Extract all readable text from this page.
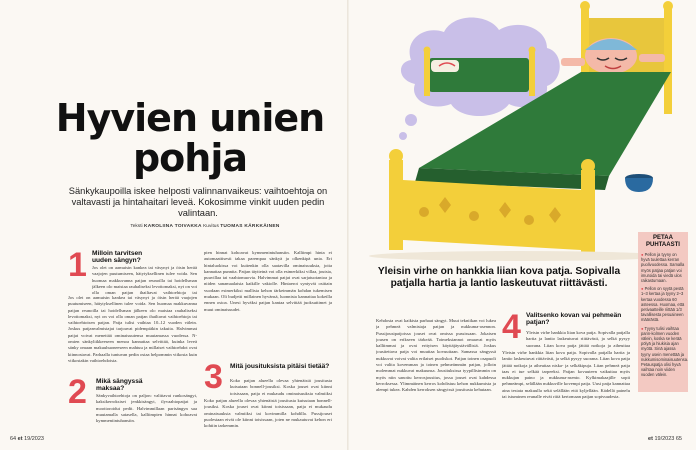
Hyvien unien pohja

Sänkykaupoilla iskee helposti valinnanvaikeus: vaihtoehtoja on valtavasti ja hintahaitari leveä. Kokosimme vinkit uuden pedin valintaan.

Teksti KAROLIINA TOIVAKKA Kuvitus TUOMAS KÄRKKÄINEN

1 Milloin tarvitsen uuden sängyn?

Jos olet on aamuisin kankea tai väsynyt ja öisin herää vaajojen puutumiseen, hätytyksellinen tulee voida. Sen huomaa makkuvanna patjan reunoilla tai hoidellsman jälkeen olo maistaa rauhaliseksi levottomaksi, nyt on voi olla oman patjan ihailtavat vaihtoehtoja tai

Jos olet on aamuisin kankea tai väsynyt ja öisin herää vaajojen puutumiseen, hätytyksellinen tulee voida. Sen huomaa makkuvanna patjan reunoilla tai hoidellsman jälkeen olo maistaa rauhaliseksi levottomaksi, nyt on voi olla oman patjan ihailtavat vaihtoehtoja tai vaihtoehtoisen patjan. Patja tulisi vaihtaa 10–12 vuoden välein. Joskus patjanvalmistajat tarjoavat pidempiäkin takuita. Halvimmat patjat voivat menettää ominaisuutensa muutamassa vuodessa. N-omien sänkyliikkeeseen menoa kannattaa selvittää, kuinka leveä sänky omaan makuuhuoneeseen mahtuu ja millaiset vaihtoehdot ovat kiinnostavat. Parhaalla tuntuvan pedin ostaa helpommin viikosta kuin viikostakin vaihtoehdoista.

2 Mikä sängyssä maksaa?

Sänkyvaihtoehtoja on paljon: valittavat runkosängyt, kaksikerroksiset jenkkisängyt, ilyvaahtopatjat ja moottoroidut pedit. Halvimmillaan parisängyn saa muutamalla satasella, kalliimpien hinnat kohoavat kymmeniintuhansiin.

pien hinnat kohoavat kymmenintuhansiin. Kalliimpi hinta ei automaattisesti takaa parempaa sänkyä ja olkenkipä unia. Eri hintaluokissa voi kuitenkin olla saatavilla ominaisuuksia, joita kannattaa punnita. Patjan täytteinä voi olla esimerkiksi villaa, joutsia, puuvillaa tai vaahtomuovia. Halvimmat patjat ovat sarjatuotantoa ja niiden sanamaalaisia kaikille vakiolle. Hintaerot syntyvät osittain vuodaan esimerkiksi mallista kehon tärkeimmän kohdan tukemisen mukaan. Oli budjetti millainen hyvänsä, luonnista kannattaa kokeilla ennen ostoa. Unesi hyväksi patjan kantaa selvittää juoksuttimet ja muut ominaisuudet.

3 Mitä jousituksista pitäisi tietää?

Koko patjan alueella olevaa yhtenäistä jousitusta kutsutaan bonnell-jousiksi. Koska jouset ovat kiinni toisissaan, patja ei mukaudu ominaisuuksia valmiiksi

Koko patjan alueella olevaa yhtenäistä jousitusta kutsutaan bonnell-jousiksi. Koska jouset ovat kiinni toisissaan, patja ei mukaudu ominaisuuksia valmiiksi tai kovimmilla kohdilla. Pussijouset puolestaan eivät ole kiinni toisissaan, joten ne mukautuvat kehon eri kohtiin tarkemmin.

64 et 19/2023

Yleisin virhe on hankkia liian kova patja. Sopivalla patjalla hartia ja lantio laskeutuvat riittävästi.

Kehdosta ovat kaikista parhaat sängyt. Muut tekniikan voi lukea ja pehmeä valmistaja patjan ja nukkuma-asennon. Pussijousipatjoissa jouset ovat omissa pussissaan. Jokaisen jousen on erikseen tärkeää. Toimeksiannot omaavat myös kalliimmat ja ovat erityisen käyttäjäystävällisiä. Joskus jousitettava patja voi muuttaa kovuuttaan. Samassa sängyssä nukkuvat voivat valita erilaiset puoliskot. Patjan toinen osapuoli voi valita kovemman ja toinen pehmeämmän patjan, jolloin molemmat nukkuvat makuunsa. Jousituksissa tyypillisimmin on myös niin sanottu kerrosjousitus, jossa jouset ovat kahdessa kerroksessa. Ylimmäinen kerros kohdistuu kehon nukkumista ja alempi tukea. Kahden kerroksen sängyissä jousitusta kehutaan.

4 Valitsenko kovan vai pehmeän patjan?

Yleisin virhe hankkia liian kova patja. Sopivalla patjalla hartia ja lantio laskeutuvat riittävästi, ja selkä pysyy suorana. Liian kova patja jättää notkoja ja aiheuttaa

Yleisin virhe hankkia liian kova patja. Sopivalla patjalla hartia ja lantio laskeutuvat riittävästi, ja selkä pysyy suorana. Liian kova patja jättää notkoja ja aiheuttaa niska- ja selkäkipuja. Liian pehmeä patja taas ei tue selkää tarpeeksi. Patjan kovuuteen vaikuttaa myös nukkujan paino ja nukkuma-asento. Kylkimakaajille sopii pehmeämpi, selällään nukkuville kovempi patja. Uusi patja kannattaa aina testata makuulla sekä selällään että kyljellään. Kädellä painelu tai istuminen reunalle eivät riitä kertomaan patjan sopivuudesta.

PETAA PUHTAASTI
● Pellon ja tyyny on hyvä tuulettaa kerran puolivuodessa. Samalla myös patjaa patjan voi imuroida tai viedä ulos raikastumaan.
● Pellon on syytä pestä 1–3 kertaa ja tyyny 2–3 kertaa vuodessa 60 asteessa. Huomaa, että petivaatteille riittää 1/3 tavallisesta pesuaineen määrästä.
● Tyyny tulisi vaihtaa parin-kolmen vuoden välein, koska se kerää pölyä ja hiukisia ajan myötä. Sinä ajassa tyyny usein menettää ja nukkumisominaisuutensa. Petauspatja olisi hyvä vaihtaa noin viiden vuoden välein.
et 19/2023 65
